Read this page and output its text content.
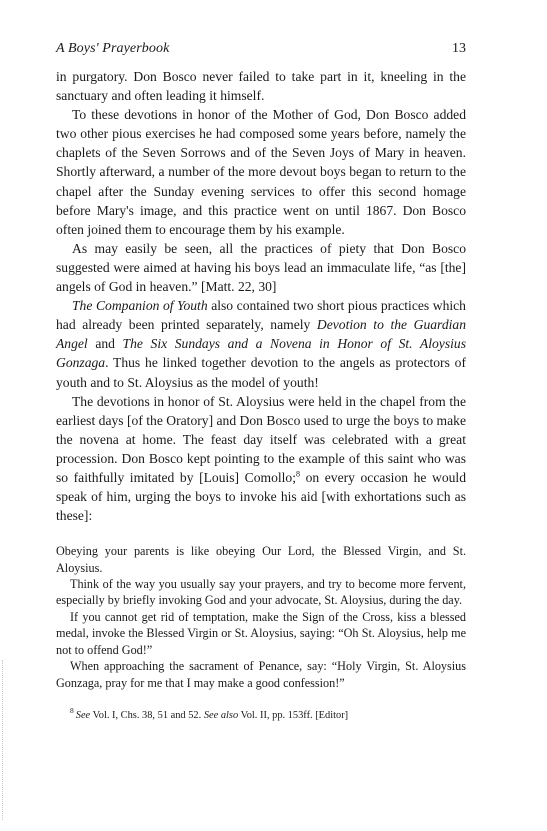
A Boys' Prayerbook	13

in purgatory. Don Bosco never failed to take part in it, kneeling in the sanctuary and often leading it himself.

To these devotions in honor of the Mother of God, Don Bosco added two other pious exercises he had composed some years before, namely the chaplets of the Seven Sorrows and of the Seven Joys of Mary in heaven. Shortly afterward, a number of the more devout boys began to return to the chapel after the Sunday evening services to offer this second homage before Mary's image, and this practice went on until 1867. Don Bosco often joined them to encourage them by his example.

As may easily be seen, all the practices of piety that Don Bosco suggested were aimed at having his boys lead an immaculate life, “as [the] angels of God in heaven.” [Matt. 22, 30]

The Companion of Youth also contained two short pious practices which had already been printed separately, namely Devotion to the Guardian Angel and The Six Sundays and a Novena in Honor of St. Aloysius Gonzaga. Thus he linked together devotion to the angels as protectors of youth and to St. Aloysius as the model of youth!

The devotions in honor of St. Aloysius were held in the chapel from the earliest days [of the Oratory] and Don Bosco used to urge the boys to make the novena at home. The feast day itself was celebrated with a great procession. Don Bosco kept pointing to the example of this saint who was so faithfully imitated by [Louis] Comollo;$^8$ on every occasion he would speak of him, urging the boys to invoke his aid [with exhortations such as these]:

Obeying your parents is like obeying Our Lord, the Blessed Virgin, and St. Aloysius.

Think of the way you usually say your prayers, and try to become more fervent, especially by briefly invoking God and your advocate, St. Aloysius, during the day.

If you cannot get rid of temptation, make the Sign of the Cross, kiss a blessed medal, invoke the Blessed Virgin or St. Aloysius, saying: “Oh St. Aloysius, help me not to offend God!”

When approaching the sacrament of Penance, say: “Holy Virgin, St. Aloysius Gonzaga, pray for me that I may make a good confession!”

$^8$ See Vol. I, Chs. 38, 51 and 52. See also Vol. II, pp. 153ff. [Editor]
